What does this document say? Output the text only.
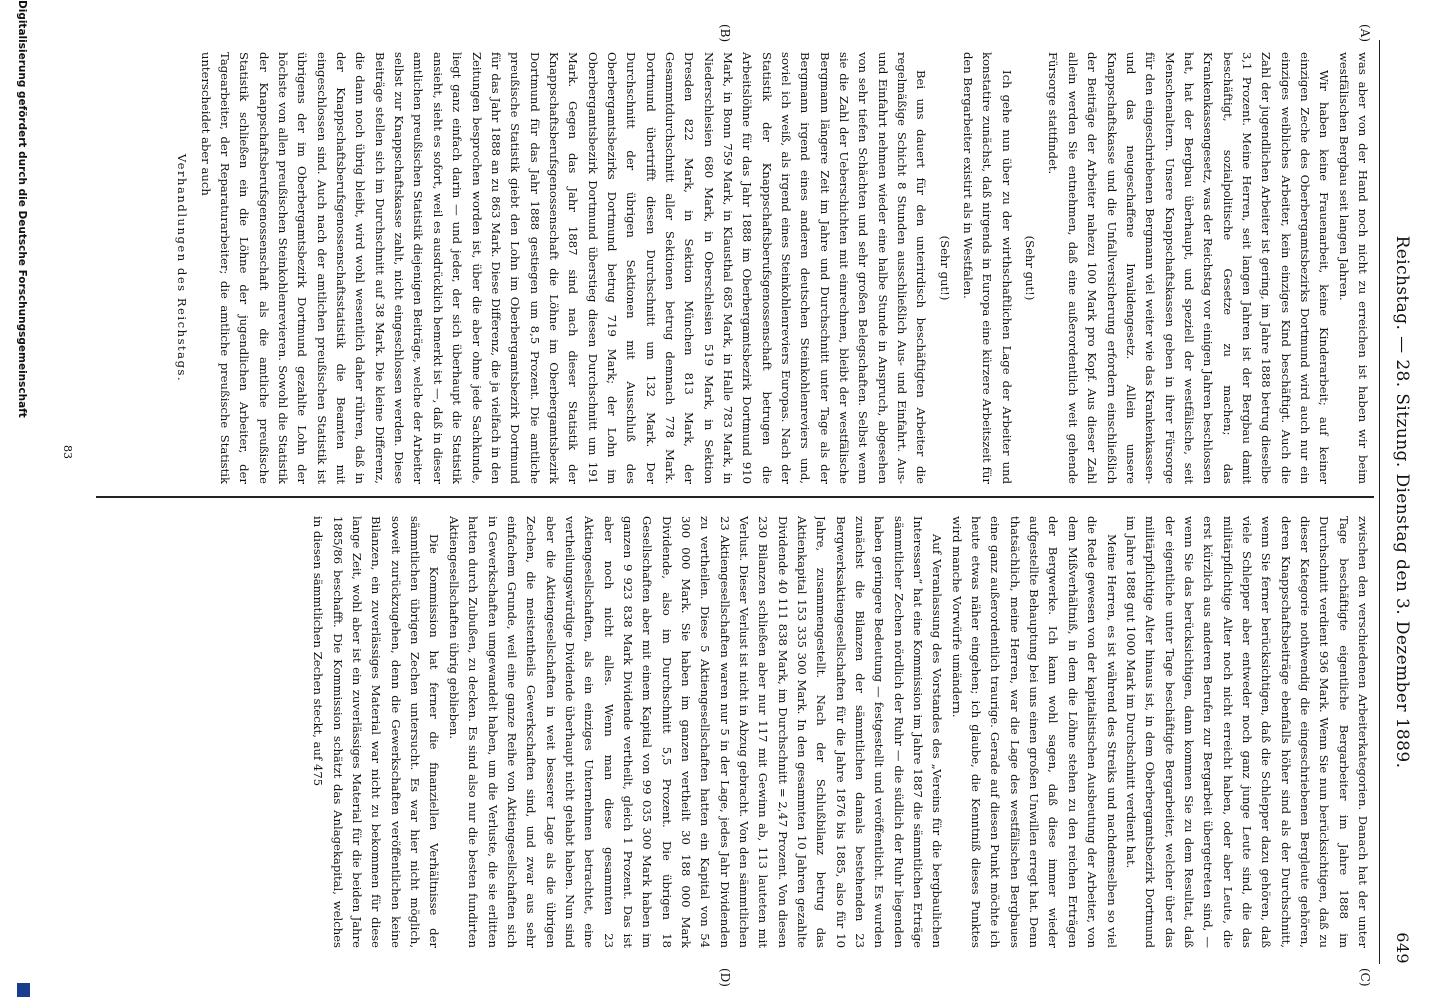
Reichstag. — 28. Sitzung. Dienstag den 3. Dezember 1889.
649
(A)
(B)
(C)
(D)

was aber von der Hand noch nicht zu erreichen ist haben wir beim westfälischen Bergbau seit langen Jahren.

Wir haben keine Frauenarbeit, keine Kinderarbeit; auf keiner einzigen Zeche des Oberbergamtsbezirks Dortmund wird auch nur ein einziges weibliches Arbeiter, kein einziges Kind beschäftigt. Auch die Zahl der jugendlichen Arbeiter ist gering, im Jahre 1888 betrug dieselbe 3,1 Prozent. Meine Herren, seit langen Jahren ist der Bergbau damit beschäftigt, sozialpolitische Gesetze zu machen; das Krankenkassengesetz, was der Reichstag vor einigen Jahren beschlossen hat, hat der Bergbau überhaupt, und speziell der westfälische, seit Menschenaltern. Unsere Knappschaftskassen geben in ihrer Fürsorge für den eingeschriebenen Bergmann viel weiter wie das Krankenkassen- und das neugeschaffene Invalidengesetz. Allein unsere Knappschaftskasse und die Unfallversicherung erfordern einschließlich der Beiträge der Arbeiter nahezu 100 Mark pro Kopf. Aus dieser Zahl allein werden Sie entnehmen, daß eine außerordentlich weit gehende Fürsorge stattfindet.

(Sehr gut!)

Ich gehe nun über zu der wirthschaftlichen Lage der Arbeiter und konstatire zunächst, daß nirgends in Europa eine kürzere Arbeitszeit für den Bergarbeiter existirt als in Westfalen.

(Sehr gut!)

Bei uns dauert für den unterirdisch beschäftigten Arbeiter die regelmäßige Schicht 8 Stunden ausschließlich Aus- und Einfahrt. Aus- und Einfahrt nehmen wieder eine halbe Stunde in Anspruch, abgesehen von sehr tiefen Schächten und sehr großen Belegschaften. Selbst wenn sie die Zahl der Ueberschichten mit einrechnen, bleibt der westfälische Bergmann längere Zeit im Jahre und Durchschnitt unter Tage als der Bergmann irgend eines anderen deutschen Steinkohlenreviers und, soviel ich weiß, als irgend eines Steinkohlenreviers Europas. Nach der Statistik der Knappschaftsberufsgenossenschaft betrugen die Arbeitslöhne für das Jahr 1888 im Oberbergamtsbezirk Dortmund 910 Mark, in Bonn 759 Mark, in Klausthal 685 Mark, in Halle 783 Mark, in Niederschlesien 680 Mark, in Oberschlesien 519 Mark, in Sektion Dresden 822 Mark, in Sektion München 813 Mark, der Gesammtdurchschnitt aller Sektionen betrug demnach 778 Mark. Dortmund übertrifft diesen Durchschnitt um 132 Mark. Der Durchschnitt der übrigen Sektionen mit Ausschluß des Oberbergamtsbezirks Dortmund betrug 719 Mark; der Lohn im Oberbergamtsbezirk Dortmund überstieg diesen Durchschnitt um 191 Mark. Gegen das Jahr 1887 sind nach dieser Statistik der Knappschaftsberufsgenossenschaft die Löhne im Oberbergamtsbezirk Dortmund für das Jahr 1888 gestiegen um 8,5 Prozent. Die amtliche preußische Statistik giebt den Lohn im Oberbergamtsbezirk Dortmund für das Jahr 1888 an zu 863 Mark. Diese Differenz, die ja vielfach in den Zeitungen besprochen worden ist, über die aber ohne jede Sachkunde, liegt ganz einfach darin — und jeder, der sich überhaupt die Statistik ansieht, sieht es sofort, weil es ausdrücklich bemerkt ist —, daß in dieser amtlichen preußischen Statistik diejenigen Beiträge, welche der Arbeiter selbst zur Knappschaftskasse zahlt, nicht eingeschlossen werden. Diese Beiträge stellen sich im Durchschnitt auf 38 Mark. Die kleine Differenz, die dann noch übrig bleibt, wird wohl wesentlich daher rühren, daß in der Knappschaftsberufsgenossenschaftsstatistik die Beamten mit eingeschlossen sind. Auch nach der amtlichen preußischen Statistik ist übrigens der im Oberbergamtsbezirk Dortmund gezahlte Lohn der höchste von allen preußischen Steinkohlenrevieren. Sowohl die Statistik der Knappschaftsberufsgenossenschaft als die amtliche preußische Statistik schließen ein die Löhne der jugendlichen Arbeiter, der Tagearbeiter, der Reparaturarbeiter; die amtliche preußische Statistik unterscheidet aber auch

Verhandlungen des Reichstags.

zwischen den verschiedenen Arbeiterkategorien. Danach hat der unter Tage beschäftigte eigentliche Bergarbeiter im Jahre 1888 im Durchschnitt verdient 936 Mark. Wenn Sie nun berücksichtigen, daß zu dieser Kategorie nothwendig die eingeschriebenen Bergleute gehören, deren Knappschaftsbeiträge ebenfalls höher sind als der Durchschnitt, wenn Sie ferner berücksichtigen, daß die Schlepper dazu gehören, daß viele Schlepper aber entweder noch ganz junge Leute sind, die das militärpflichtige Alter noch nicht erreicht haben, oder aber Leute, die erst kürzlich aus anderen Berufen zur Bergarbeit übergetreten sind, — wenn Sie das berücksichtigen, dann kommen Sie zu dem Resultat, daß der eigentliche unter Tage beschäftigte Bergarbeiter, welcher über das militärpflichtige Alter hinaus ist, in dem Oberbergamtsbezirk Dortmund im Jahre 1888 gut 1000 Mark im Durchschnitt verdient hat.

Meine Herren, es ist während des Streiks und nachdemselben so viel die Rede gewesen von der kapitalistischen Ausbeutung der Arbeiter, von dem Mißverhältniß, in dem die Löhne stehen zu den reichen Erträgen der Bergwerke. Ich kann wohl sagen, daß diese immer wieder aufgestellte Behauptung bei uns einen großen Unwillen erregt hat. Denn thatsächlich, meine Herren, war die Lage des westfälischen Bergbaues eine ganz außerordentlich traurige. Gerade auf diesen Punkt möchte ich heute etwas näher eingehen; ich glaube, die Kenntniß dieses Punktes wird manche Vorwürfe umändern.

Auf Veranlassung des Vorstandes des „Vereins für die bergbaulichen Interessen“ hat eine Kommission im Jahre 1887 die sämmtlichen Erträge sämmtlicher Zechen nördlich der Ruhr — die südlich der Ruhr liegenden haben geringere Bedeutung — festgestellt und veröffentlicht. Es wurden zunächst die Bilanzen der sämmtlichen damals bestehenden 23 Bergwerksaktiengesellschaften für die Jahre 1876 bis 1885, also für 10 Jahre, zusammengestellt. Nach der Schlußbilanz betrug das Aktienkapital 153 335 300 Mark. In den gesammten 10 Jahren gezahlte Dividende 40 111 838 Mark, im Durchschnitt = 2,47 Prozent. Von diesen 230 Bilanzen schließen aber nur 117 mit Gewinn ab, 113 lauteten mit Verlust. Dieser Verlust ist nicht in Abzug gebracht. Von den sämmtlichen 23 Aktiengesellschaften waren nur 5 in der Lage, jedes Jahr Dividenden zu vertheilen. Diese 5 Aktiengesellschaften hatten ein Kapital von 54 300 000 Mark. Sie haben im ganzen vertheilt 30 188 000 Mark Dividende, also im Durchschnitt 5,5 Prozent. Die übrigen 18 Gesellschaften aber mit einem Kapital von 99 035 300 Mark haben im ganzen 9 923 838 Mark Dividende vertheilt, gleich 1 Prozent. Das ist aber noch nicht alles. Wenn man diese gesammten 23 Aktiengesellschaften, als ein einziges Unternehmen betrachtet, eine vertheilungswürdige Dividende überhaupt nicht gehabt haben. Nun sind aber die Aktiengesellschaften in weit besserer Lage als die übrigen Zechen, die meistentheils Gewerkschaften sind, und zwar aus sehr einfachem Grunde, weil eine ganze Reihe von Aktiengesellschaften sich in Gewerkschaften umgewandelt haben, um die Verluste, die sie erlitten hatten durch Zubußen, zu decken. Es sind also nur die besten fundirten Aktiengesellschaften übrig geblieben.

Die Kommission hat ferner die finanziellen Verhältnisse der sämmtlichen übrigen Zechen untersucht. Es war hier nicht möglich, soweit zurückzugehen, denn die Gewerkschaften veröffentlichen keine Bilanzen, ein zuverlässiges Material war nicht zu bekommen für diese lange Zeit, wohl aber ist ein zuverlässiges Material für die beiden Jahre 1885/86 beschafft. Die Kommission schätzt das Anlagekapital, welches in diesen sämmtlichen Zechen steckt, auf 475

83
Digitalisierung gefördert durch die Deutsche Forschungsgemeinschaft
